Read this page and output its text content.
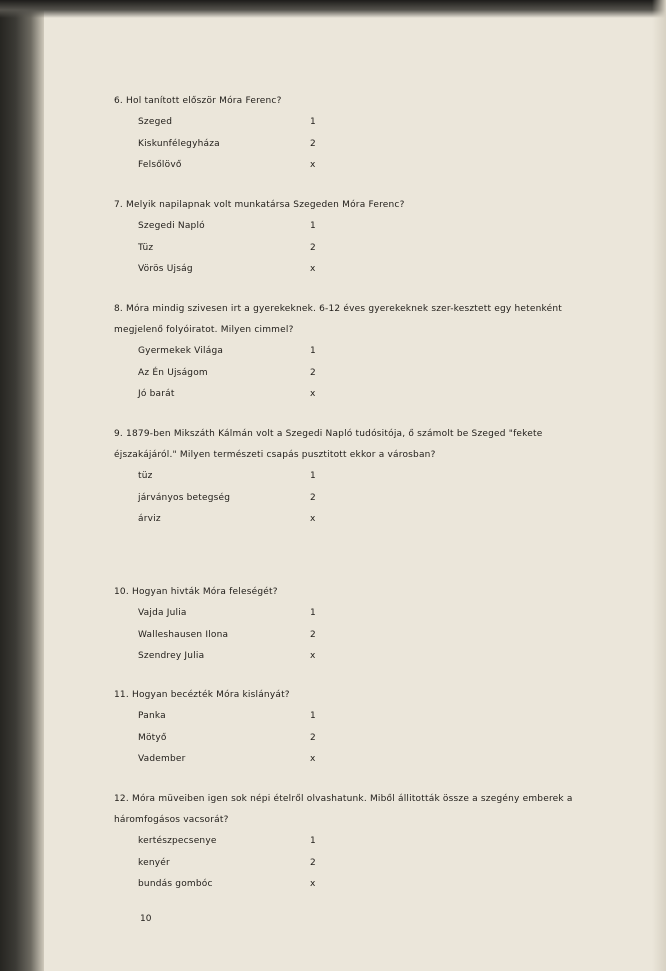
6. Hol tanított először Móra Ferenc?
Szeged	1
Kiskunfélegyháza	2
Felsőlövő	x
7. Melyik napilapnak volt munkatársa Szegeden Móra Ferenc?
Szegedi Napló	1
Tüz	2
Vörös Ujság	x
8. Móra mindig szivesen irt a gyerekeknek. 6-12 éves gyerekeknek szer-kesztett egy hetenként megjelenő folyóiratot. Milyen cimmel?
Gyermekek Világa	1
Az Én Ujságom	2
Jó barát	x
9. 1879-ben Mikszáth Kálmán volt a Szegedi Napló tudósitója, ő számolt be Szeged "fekete éjszakájáról." Milyen természeti csapás pusztitott ekkor a városban?
tüz	1
járványos betegség	2
árviz	x
10. Hogyan hivták Móra feleségét?
Vajda Julia	1
Walleshausen Ilona	2
Szendrey Julia	x
11. Hogyan becézték Móra kislányát?
Panka	1
Mötyő	2
Vadember	x
12. Móra müveiben igen sok népi ételről olvashatunk. Miből állitották össze a szegény emberek a háromfogásos vacsorát?
kertészpecsenye	1
kenyér	2
bundás gombóc	x
10
